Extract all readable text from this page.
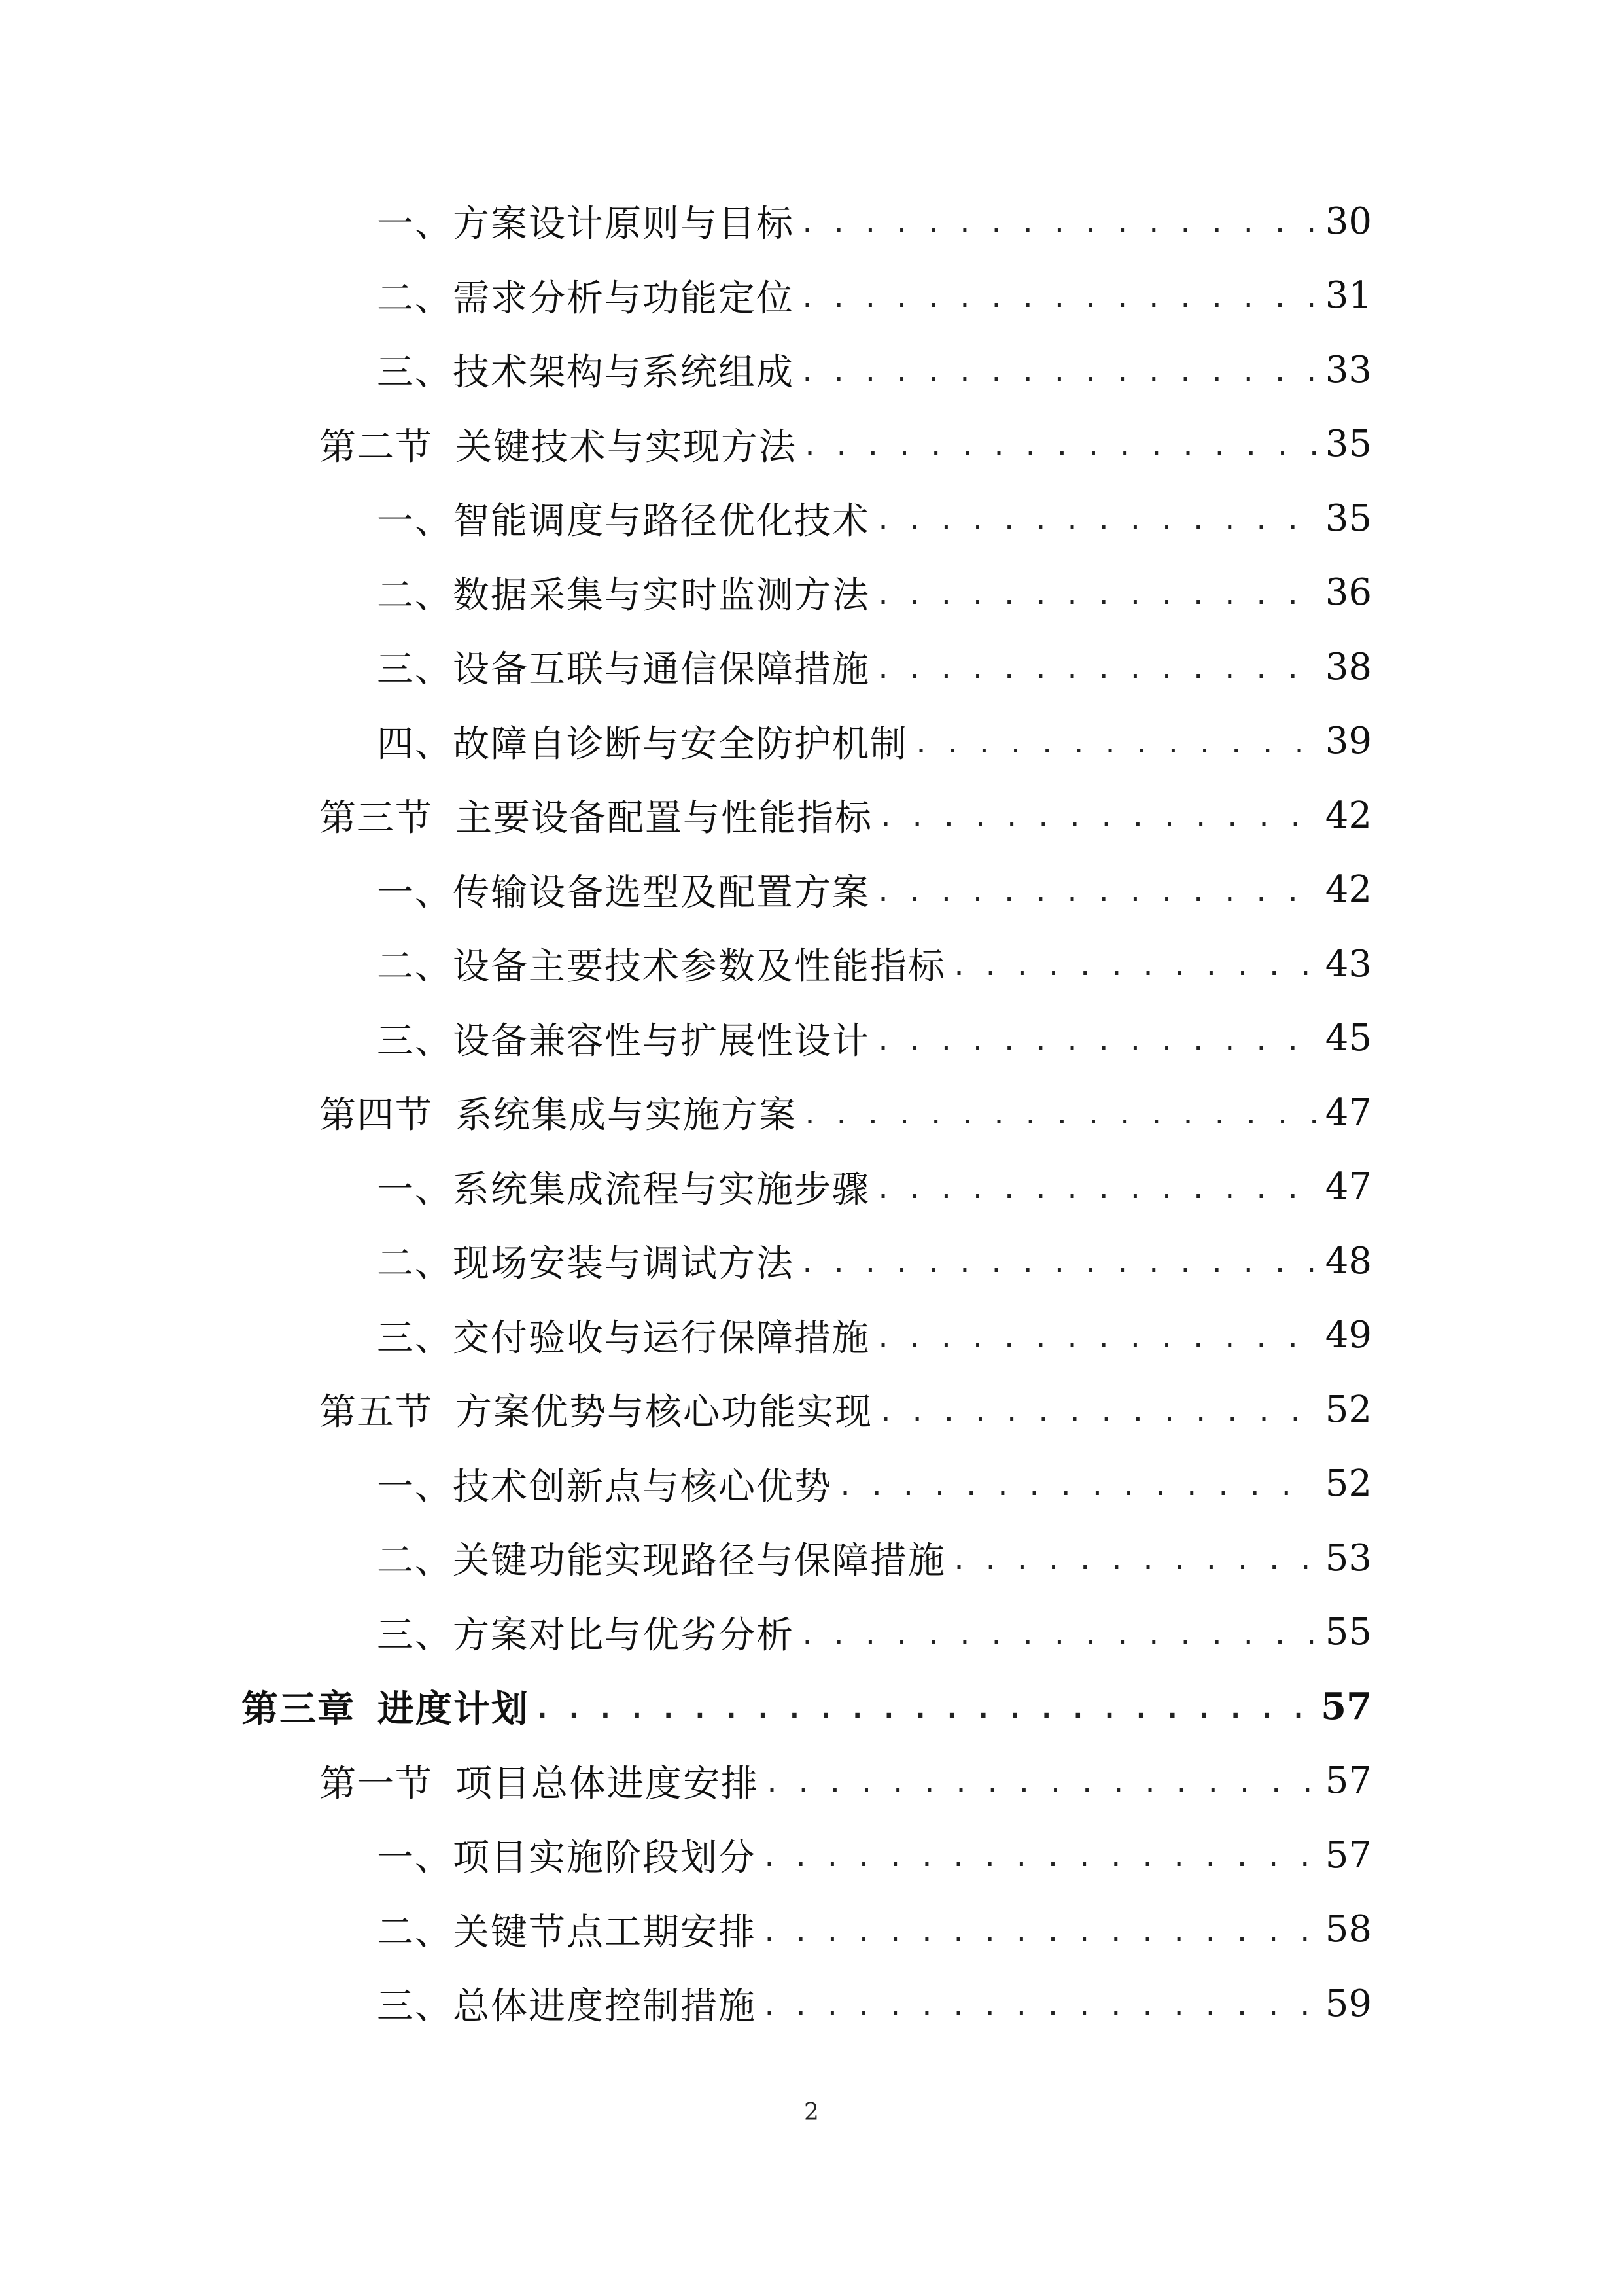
一、方案设计原则与目标 . . .	30
二、需求分析与功能定位 . . .	31
三、技术架构与系统组成 . . .	33
第二节 关键技术与实现方法 . . .	35
一、智能调度与路径优化技术 . . .	35
二、数据采集与实时监测方法 . . .	36
三、设备互联与通信保障措施 . . .	38
四、故障自诊断与安全防护机制 . . .	39
第三节 主要设备配置与性能指标 . . .	42
一、传输设备选型及配置方案 . . .	42
二、设备主要技术参数及性能指标 . . .	43
三、设备兼容性与扩展性设计 . . .	45
第四节 系统集成与实施方案 . . .	47
一、系统集成流程与实施步骤 . . .	47
二、现场安装与调试方法 . . .	48
三、交付验收与运行保障措施 . . .	49
第五节 方案优势与核心功能实现 . . .	52
一、技术创新点与核心优势 . . .	52
二、关键功能实现路径与保障措施 . . .	53
三、方案对比与优劣分析 . . .	55
第三章 进度计划 . . .	57
第一节 项目总体进度安排 . . .	57
一、项目实施阶段划分 . . .	57
二、关键节点工期安排 . . .	58
三、总体进度控制措施 . . .	59
2
